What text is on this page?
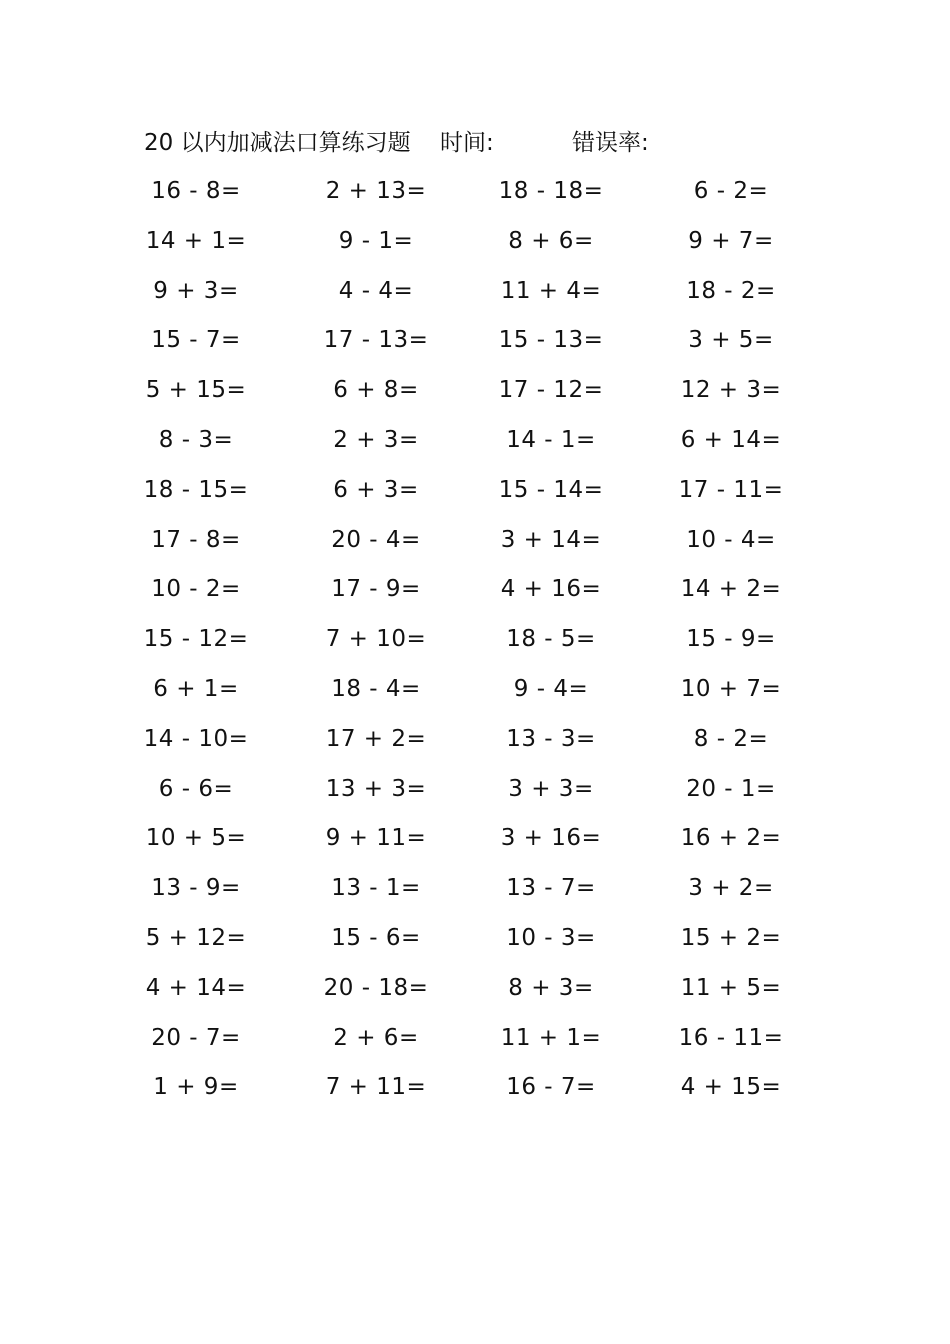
20 以内加减法口算练习题 时间:	错误率:
16 - 8=	2 + 13=	18 - 18=	6 - 2=
14 + 1=	9 - 1=	8 + 6=	9 + 7=
9 + 3=	4 - 4=	11 + 4=	18 - 2=
15 - 7=	17 - 13=	15 - 13=	3 + 5=
5 + 15=	6 + 8=	17 - 12=	12 + 3=
8 - 3=	2 + 3=	14 - 1=	6 + 14=
18 - 15=	6 + 3=	15 - 14=	17 - 11=
17 - 8=	20 - 4=	3 + 14=	10 - 4=
10 - 2=	17 - 9=	4 + 16=	14 + 2=
15 - 12=	7 + 10=	18 - 5=	15 - 9=
6 + 1=	18 - 4=	9 - 4=	10 + 7=
14 - 10=	17 + 2=	13 - 3=	8 - 2=
6 - 6=	13 + 3=	3 + 3=	20 - 1=
10 + 5=	9 + 11=	3 + 16=	16 + 2=
13 - 9=	13 - 1=	13 - 7=	3 + 2=
5 + 12=	15 - 6=	10 - 3=	15 + 2=
4 + 14=	20 - 18=	8 + 3=	11 + 5=
20 - 7=	2 + 6=	11 + 1=	16 - 11=
1 + 9=	7 + 11=	16 - 7=	4 + 15=
